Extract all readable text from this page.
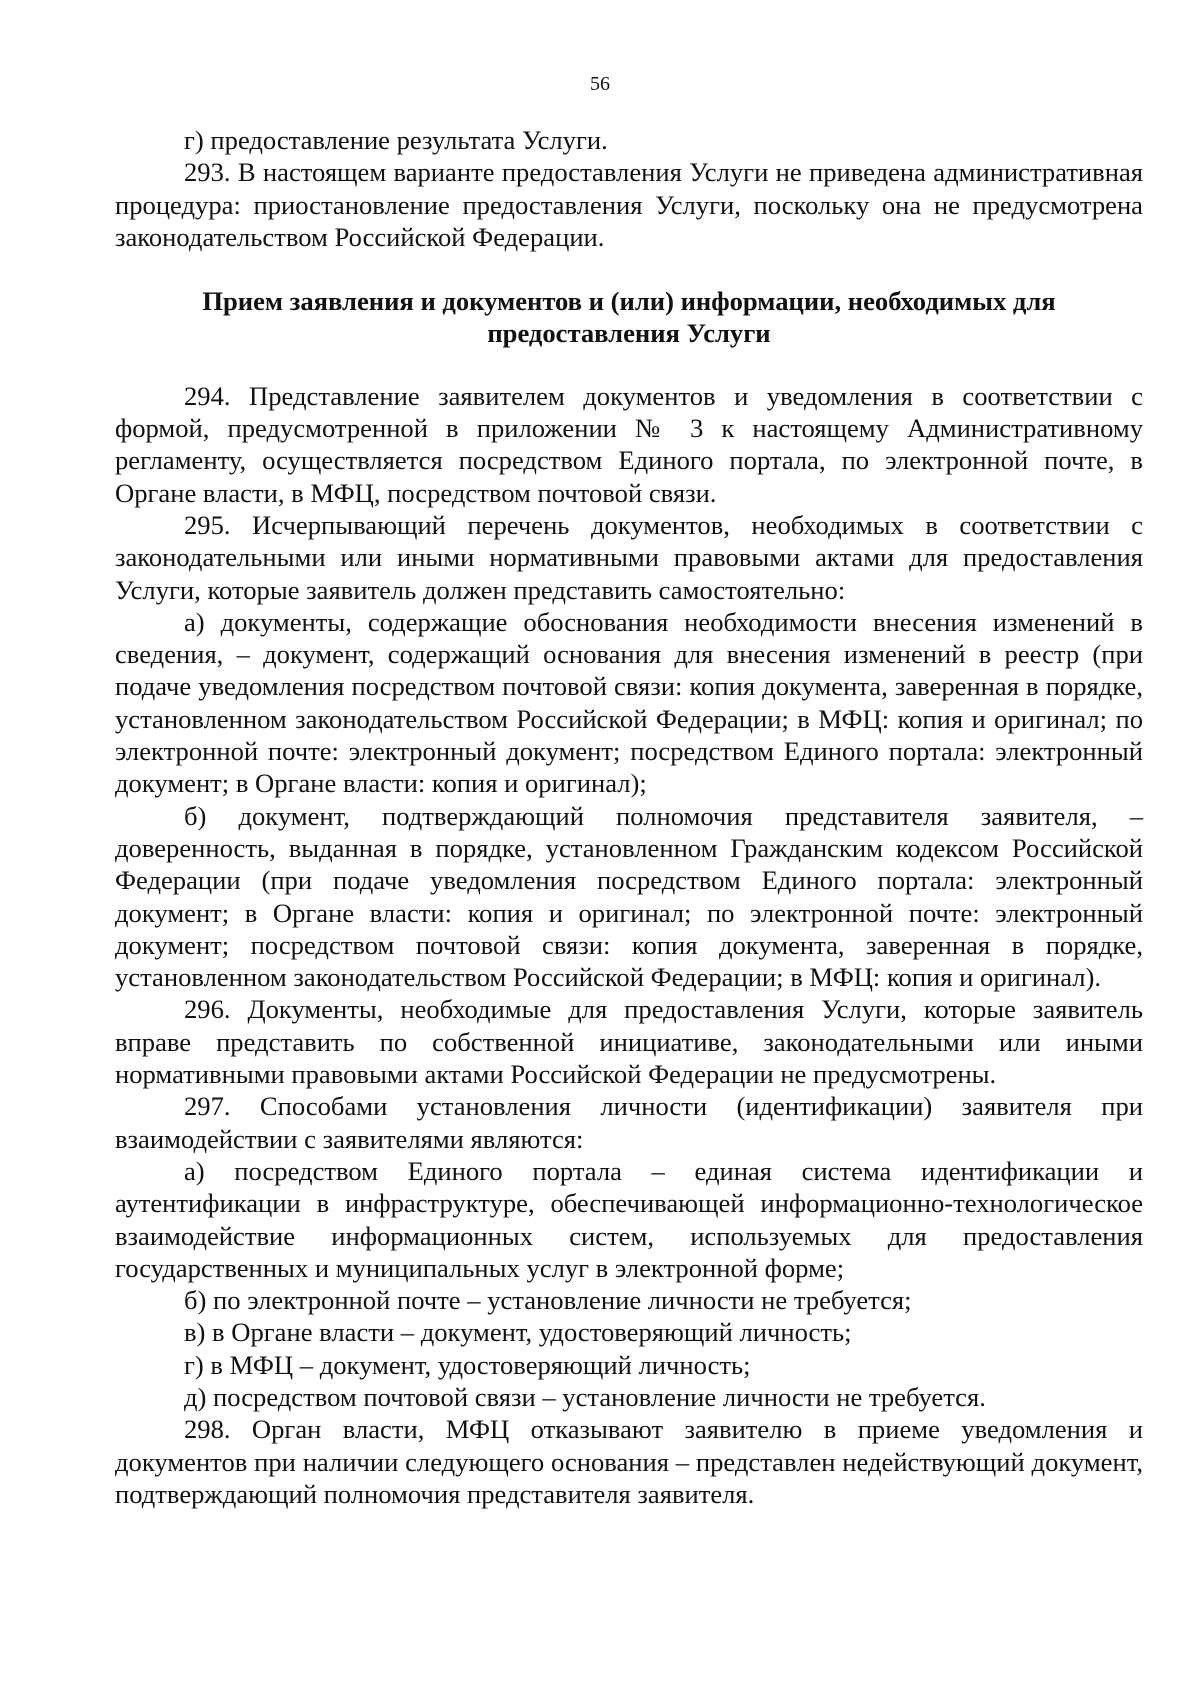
56

г) предоставление результата Услуги.

293. В настоящем варианте предоставления Услуги не приведена административная процедура: приостановление предоставления Услуги, поскольку она не предусмотрена законодательством Российской Федерации.

Прием заявления и документов и (или) информации, необходимых для предоставления Услуги

294. Представление заявителем документов и уведомления в соответствии с формой, предусмотренной в приложении № 3 к настоящему Административному регламенту, осуществляется посредством Единого портала, по электронной почте, в Органе власти, в МФЦ, посредством почтовой связи.

295. Исчерпывающий перечень документов, необходимых в соответствии с законодательными или иными нормативными правовыми актами для предоставления Услуги, которые заявитель должен представить самостоятельно:

а) документы, содержащие обоснования необходимости внесения изменений в сведения, – документ, содержащий основания для внесения изменений в реестр (при подаче уведомления посредством почтовой связи: копия документа, заверенная в порядке, установленном законодательством Российской Федерации; в МФЦ: копия и оригинал; по электронной почте: электронный документ; посредством Единого портала: электронный документ; в Органе власти: копия и оригинал);

б) документ, подтверждающий полномочия представителя заявителя, – доверенность, выданная в порядке, установленном Гражданским кодексом Российской Федерации (при подаче уведомления посредством Единого портала: электронный документ; в Органе власти: копия и оригинал; по электронной почте: электронный документ; посредством почтовой связи: копия документа, заверенная в порядке, установленном законодательством Российской Федерации; в МФЦ: копия и оригинал).

296. Документы, необходимые для предоставления Услуги, которые заявитель вправе представить по собственной инициативе, законодательными или иными нормативными правовыми актами Российской Федерации не предусмотрены.

297. Способами установления личности (идентификации) заявителя при взаимодействии с заявителями являются:

а) посредством Единого портала – единая система идентификации и аутентификации в инфраструктуре, обеспечивающей информационно-технологическое взаимодействие информационных систем, используемых для предоставления государственных и муниципальных услуг в электронной форме;

б) по электронной почте – установление личности не требуется;

в) в Органе власти – документ, удостоверяющий личность;

г) в МФЦ – документ, удостоверяющий личность;

д) посредством почтовой связи – установление личности не требуется.

298. Орган власти, МФЦ отказывают заявителю в приеме уведомления и документов при наличии следующего основания – представлен недействующий документ, подтверждающий полномочия представителя заявителя.
